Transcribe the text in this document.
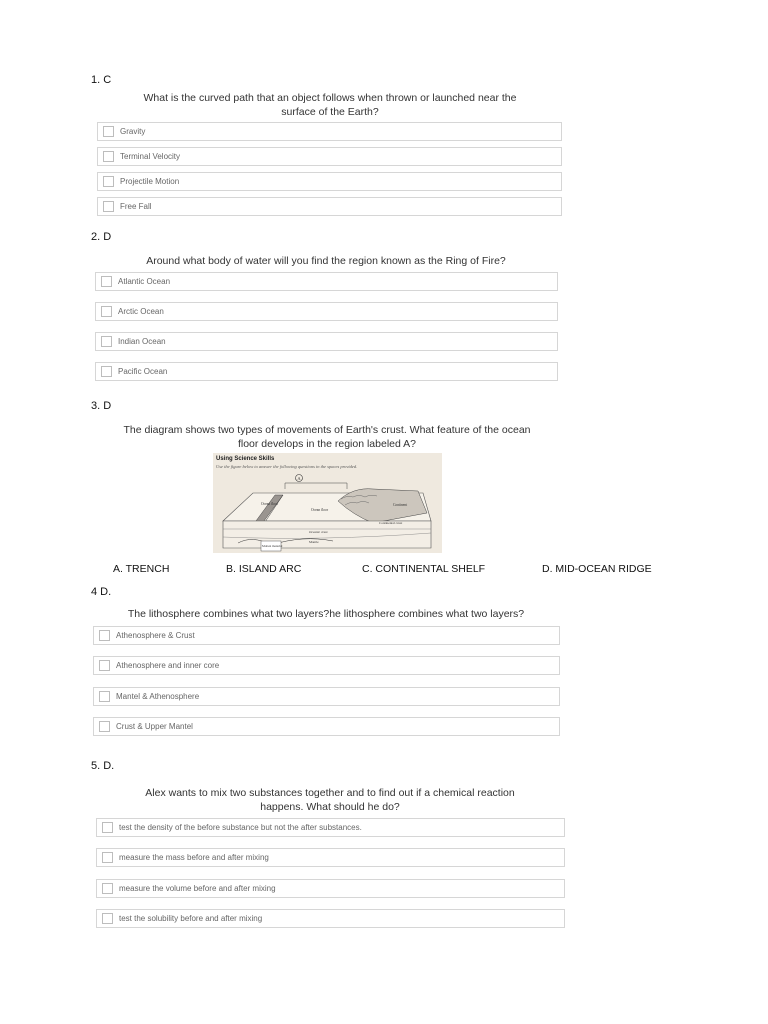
1. C
What is the curved path that an object follows when thrown or launched near the
surface of the Earth?
Gravity
Terminal Velocity
Projectile Motion
Free Fall
2. D
Around what body of water will you find the region known as the Ring of Fire?
Atlantic Ocean
Arctic Ocean
Indian Ocean
Pacific Ocean
3. D
The diagram shows two types of movements of Earth's crust. What feature of the ocean
floor develops in the region labeled A?
Using Science Skills
Use the figure below to answer the following questions in the spaces provided.
A
Ocean floor
Ocean floor
Continent
Continental crust
Oceanic crust
Mantle
Molten material
A. TRENCH	B. ISLAND ARC	C. CONTINENTAL SHELF	D. MID-OCEAN RIDGE
4 D.
The lithosphere combines what two layers?he lithosphere combines what two layers?
Athenosphere & Crust
Athenosphere and inner core
Mantel & Athenosphere
Crust & Upper Mantel
5. D.
Alex wants to mix two substances together and to find out if a chemical reaction
happens. What should he do?
test the density of the before substance but not the after substances.
measure the mass before and after mixing
measure the volume before and after mixing
test the solubility before and after mixing
